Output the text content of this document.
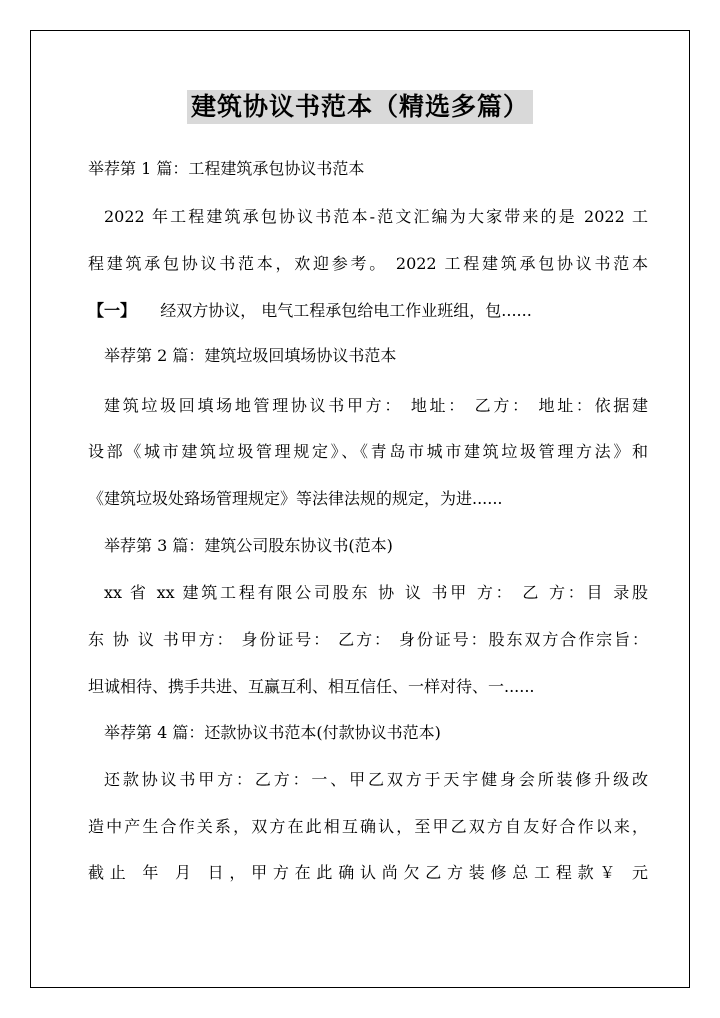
建筑协议书范本（精选多篇）
举荐第 1 篇：工程建筑承包协议书范本
2022 年工程建筑承包协议书范本-范文汇编为大家带来的是 2022 工
程建筑承包协议书范本，欢迎参考。 2022 工程建筑承包协议书范本
【一】 经双方协议， 电气工程承包给电工作业班组，包......
举荐第 2 篇：建筑垃圾回填场协议书范本
建筑垃圾回填场地管理协议书甲方： 地址： 乙方： 地址：依据建
设部《城市建筑垃圾管理规定》、《青岛市城市建筑垃圾管理方法》和
《建筑垃圾处臵场管理规定》等法律法规的规定，为进......
举荐第 3 篇：建筑公司股东协议书(范本)
xx 省 xx 建筑工程有限公司股东 协 议 书甲 方： 乙 方：目 录股
东 协 议 书甲方： 身份证号： 乙方： 身份证号：股东双方合作宗旨：
坦诚相待、携手共进、互赢互利、相互信任、一样对待、一......
举荐第 4 篇：还款协议书范本(付款协议书范本)
还款协议书甲方：乙方：一、甲乙双方于天宇健身会所装修升级改
造中产生合作关系，双方在此相互确认，至甲乙双方自友好合作以来，
截止 年 月 日，甲方在此确认尚欠乙方装修总工程款￥ 元
